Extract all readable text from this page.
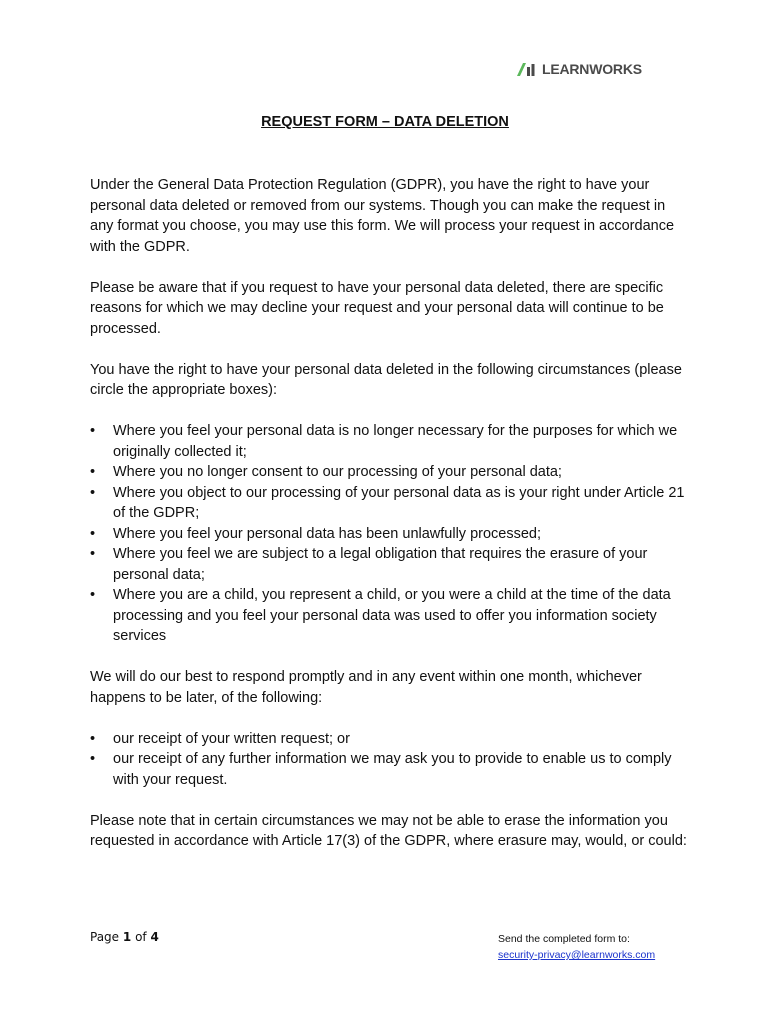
LEARNWORKS
REQUEST FORM – DATA DELETION

Under the General Data Protection Regulation (GDPR), you have the right to have your personal data deleted or removed from our systems. Though you can make the request in any format you choose, you may use this form. We will process your request in accordance with the GDPR.

Please be aware that if you request to have your personal data deleted, there are specific reasons for which we may decline your request and your personal data will continue to be processed.

You have the right to have your personal data deleted in the following circumstances (please circle the appropriate boxes):

• Where you feel your personal data is no longer necessary for the purposes for which we originally collected it;
• Where you no longer consent to our processing of your personal data;
• Where you object to our processing of your personal data as is your right under Article 21 of the GDPR;
• Where you feel your personal data has been unlawfully processed;
• Where you feel we are subject to a legal obligation that requires the erasure of your personal data;
• Where you are a child, you represent a child, or you were a child at the time of the data processing and you feel your personal data was used to offer you information society services

We will do our best to respond promptly and in any event within one month, whichever happens to be later, of the following:

• our receipt of your written request; or
• our receipt of any further information we may ask you to provide to enable us to comply with your request.

Please note that in certain circumstances we may not be able to erase the information you requested in accordance with Article 17(3) of the GDPR, where erasure may, would, or could:

Page 1 of 4	Send the completed form to:
security-privacy@learnworks.com
